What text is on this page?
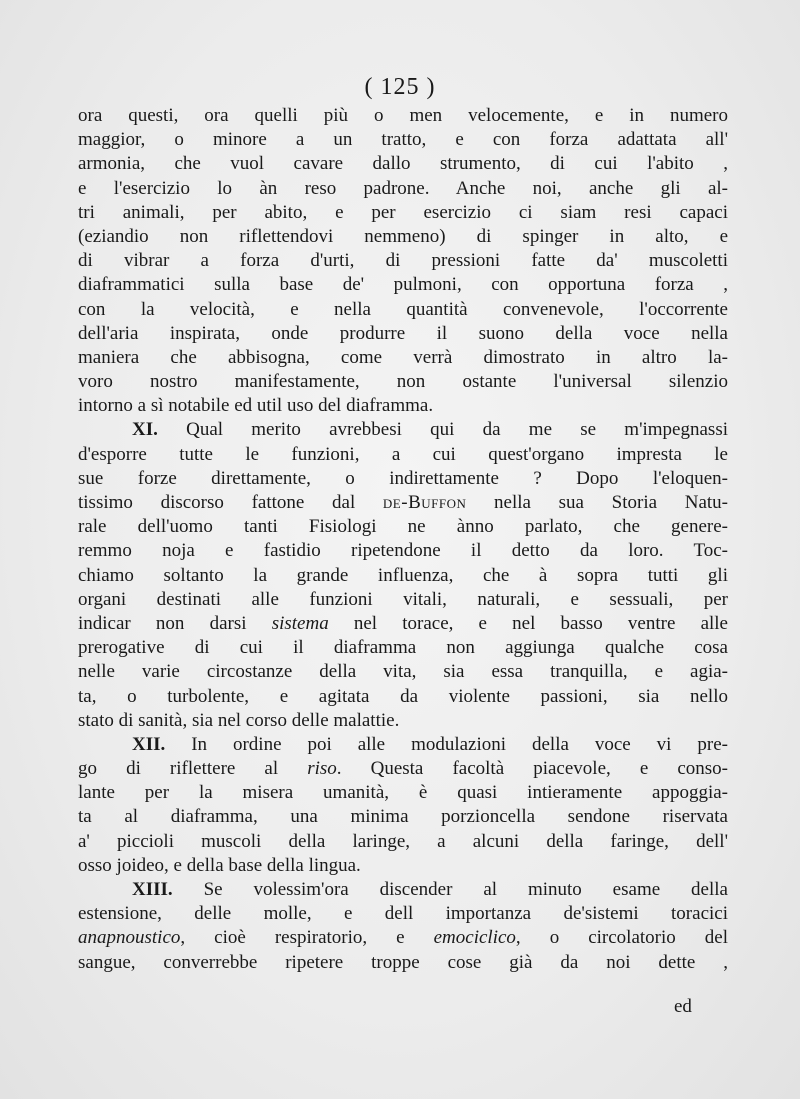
( 125 )
ora questi, ora quelli più o men velocemente, e in numero
maggior, o minore a un tratto, e con forza adattata all'
armonia, che vuol cavare dallo strumento, di cui l'abito ,
e l'esercizio lo àn reso padrone. Anche noi, anche gli al-
tri animali, per abito, e per esercizio ci siam resi capaci
(eziandio non riflettendovi nemmeno) di spinger in alto, e
di vibrar a forza d'urti, di pressioni fatte da' muscoletti
diaframmatici sulla base de' pulmoni, con opportuna forza ,
con la velocità, e nella quantità convenevole, l'occorrente
dell'aria inspirata, onde produrre il suono della voce nella
maniera che abbisogna, come verrà dimostrato in altro la-
voro nostro manifestamente, non ostante l'universal silenzio
intorno a sì notabile ed util uso del diaframma.
XI. Qual merito avrebbesi qui da me se m'impegnassi
d'esporre tutte le funzioni, a cui quest'organo impresta le
sue forze direttamente, o indirettamente ? Dopo l'eloquen-
tissimo discorso fattone dal de-Buffon nella sua Storia Natu-
rale dell'uomo tanti Fisiologi ne ànno parlato, che genere-
remmo noja e fastidio ripetendone il detto da loro. Toc-
chiamo soltanto la grande influenza, che à sopra tutti gli
organi destinati alle funzioni vitali, naturali, e sessuali, per
indicar non darsi sistema nel torace, e nel basso ventre alle
prerogative di cui il diaframma non aggiunga qualche cosa
nelle varie circostanze della vita, sia essa tranquilla, e agia-
ta, o turbolente, e agitata da violente passioni, sia nello
stato di sanità, sia nel corso delle malattie.
XII. In ordine poi alle modulazioni della voce vi pre-
go di riflettere al riso. Questa facoltà piacevole, e conso-
lante per la misera umanità, è quasi intieramente appoggia-
ta al diaframma, una minima porzioncella sendone riservata
a' piccioli muscoli della laringe, a alcuni della faringe, dell'
osso joideo, e della base della lingua.
XIII. Se volessim'ora discender al minuto esame della
estensione, delle molle, e dell importanza de'sistemi toracici
anapnoustico, cioè respiratorio, e emociclico, o circolatorio del
sangue, converrebbe ripetere troppe cose già da noi dette ,
ed
